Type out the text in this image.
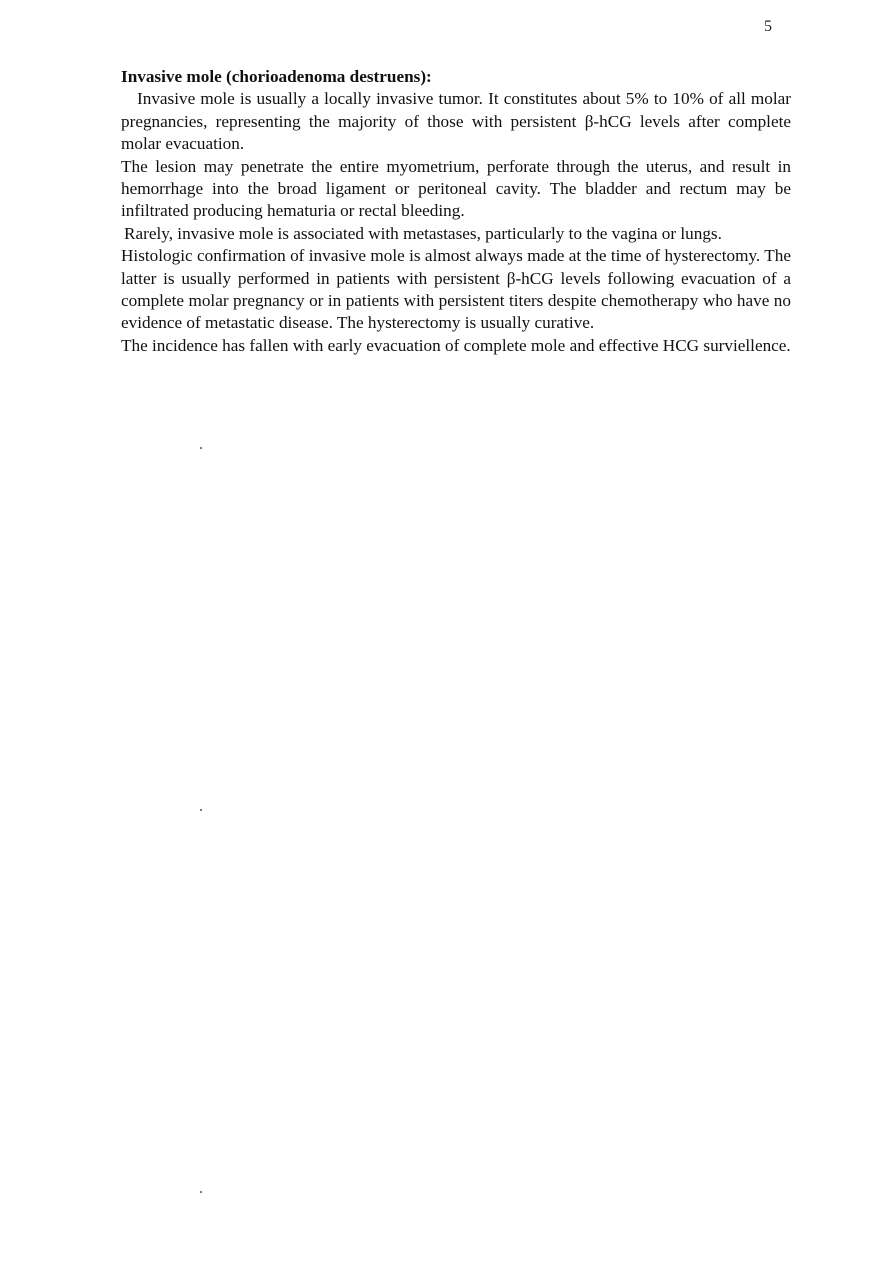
5

Invasive mole (chorioadenoma destruens):

Invasive mole is usually a locally invasive tumor. It constitutes about 5% to 10% of all molar pregnancies, representing the majority of those with persistent β-hCG levels after complete molar evacuation.

The lesion may penetrate the entire myometrium, perforate through the uterus, and result in hemorrhage into the broad ligament or peritoneal cavity. The bladder and rectum may be infiltrated producing hematuria or rectal bleeding.

Rarely, invasive mole is associated with metastases, particularly to the vagina or lungs.

Histologic confirmation of invasive mole is almost always made at the time of hysterectomy. The latter is usually performed in patients with persistent β-hCG levels following evacuation of a complete molar pregnancy or in patients with persistent titers despite chemotherapy who have no evidence of metastatic disease. The hysterectomy is usually curative.

The incidence has fallen with early evacuation of complete mole and effective HCG surviellence.
